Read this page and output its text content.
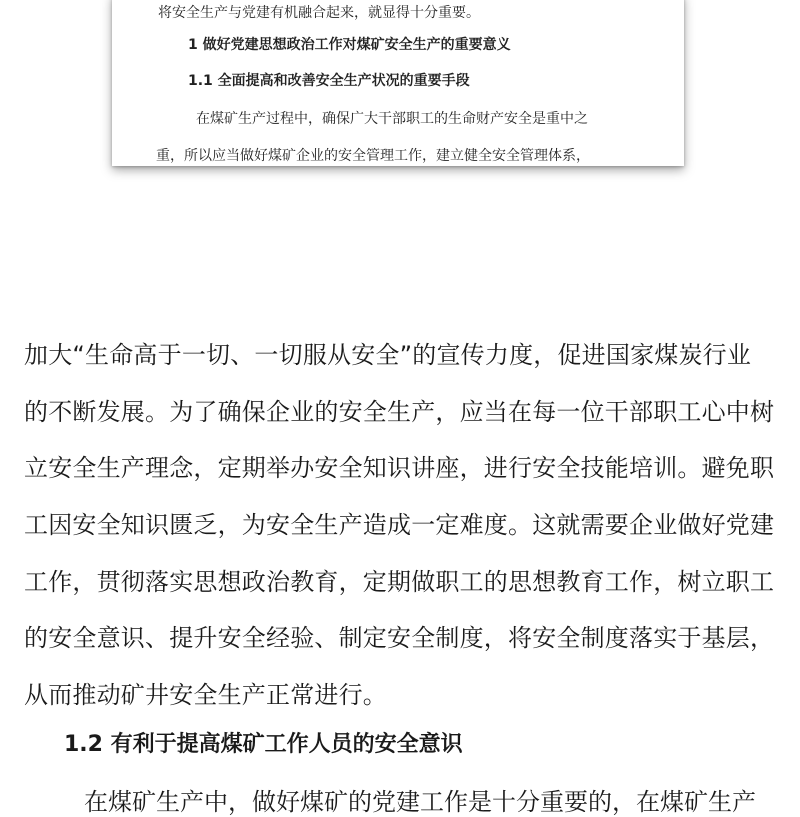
将安全生产与党建有机融合起来，就显得十分重要。
1 做好党建思想政治工作对煤矿安全生产的重要意义
1.1 全面提高和改善安全生产状况的重要手段
在煤矿生产过程中，确保广大干部职工的生命财产安全是重中之
重，所以应当做好煤矿企业的安全管理工作，建立健全安全管理体系，
加大“生命高于一切、一切服从安全”的宣传力度，促进国家煤炭行业
的不断发展。为了确保企业的安全生产，应当在每一位干部职工心中树
立安全生产理念，定期举办安全知识讲座，进行安全技能培训。避免职
工因安全知识匮乏，为安全生产造成一定难度。这就需要企业做好党建
工作，贯彻落实思想政治教育，定期做职工的思想教育工作，树立职工
的安全意识、提升安全经验、制定安全制度，将安全制度落实于基层，
从而推动矿井安全生产正常进行。
1.2 有利于提高煤矿工作人员的安全意识
在煤矿生产中，做好煤矿的党建工作是十分重要的，在煤矿生产
